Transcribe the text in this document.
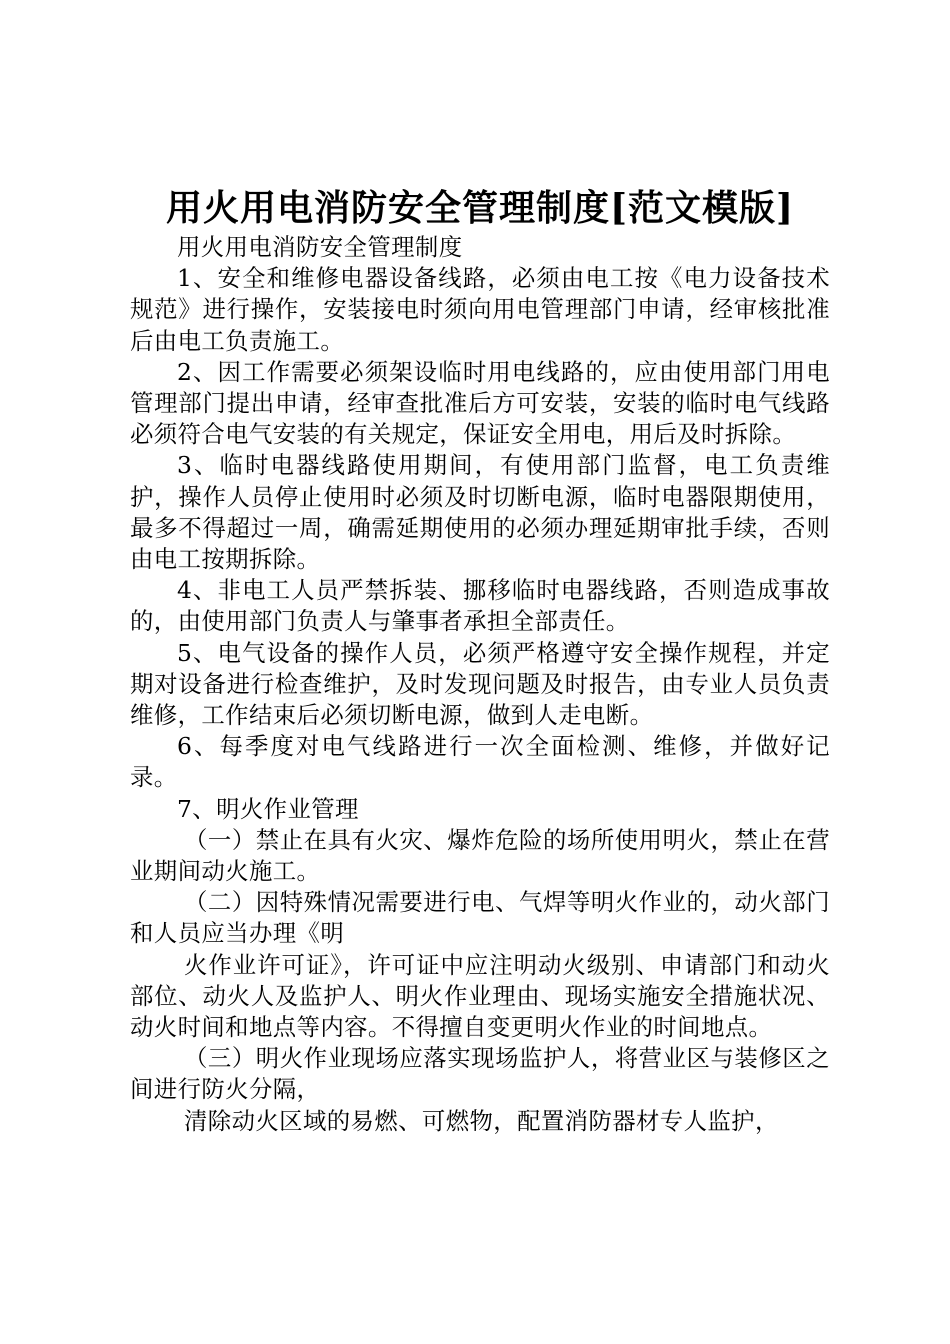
用火用电消防安全管理制度[范文模版]

用火用电消防安全管理制度

1、安全和维修电器设备线路，必须由电工按《电力设备技术规范》进行操作，安装接电时须向用电管理部门申请，经审核批准后由电工负责施工。

2、因工作需要必须架设临时用电线路的，应由使用部门用电管理部门提出申请，经审查批准后方可安装，安装的临时电气线路必须符合电气安装的有关规定，保证安全用电，用后及时拆除。

3、临时电器线路使用期间，有使用部门监督，电工负责维护，操作人员停止使用时必须及时切断电源，临时电器限期使用，最多不得超过一周，确需延期使用的必须办理延期审批手续，否则由电工按期拆除。

4、非电工人员严禁拆装、挪移临时电器线路，否则造成事故的，由使用部门负责人与肇事者承担全部责任。

5、电气设备的操作人员，必须严格遵守安全操作规程，并定期对设备进行检查维护，及时发现问题及时报告，由专业人员负责维修，工作结束后必须切断电源，做到人走电断。

6、每季度对电气线路进行一次全面检测、维修，并做好记录。

7、明火作业管理

（一）禁止在具有火灾、爆炸危险的场所使用明火，禁止在营业期间动火施工。

（二）因特殊情况需要进行电、气焊等明火作业的，动火部门和人员应当办理《明

火作业许可证》，许可证中应注明动火级别、申请部门和动火部位、动火人及监护人、明火作业理由、现场实施安全措施状况、动火时间和地点等内容。不得擅自变更明火作业的时间地点。

（三）明火作业现场应落实现场监护人，将营业区与装修区之间进行防火分隔，

清除动火区域的易燃、可燃物，配置消防器材专人监护，
